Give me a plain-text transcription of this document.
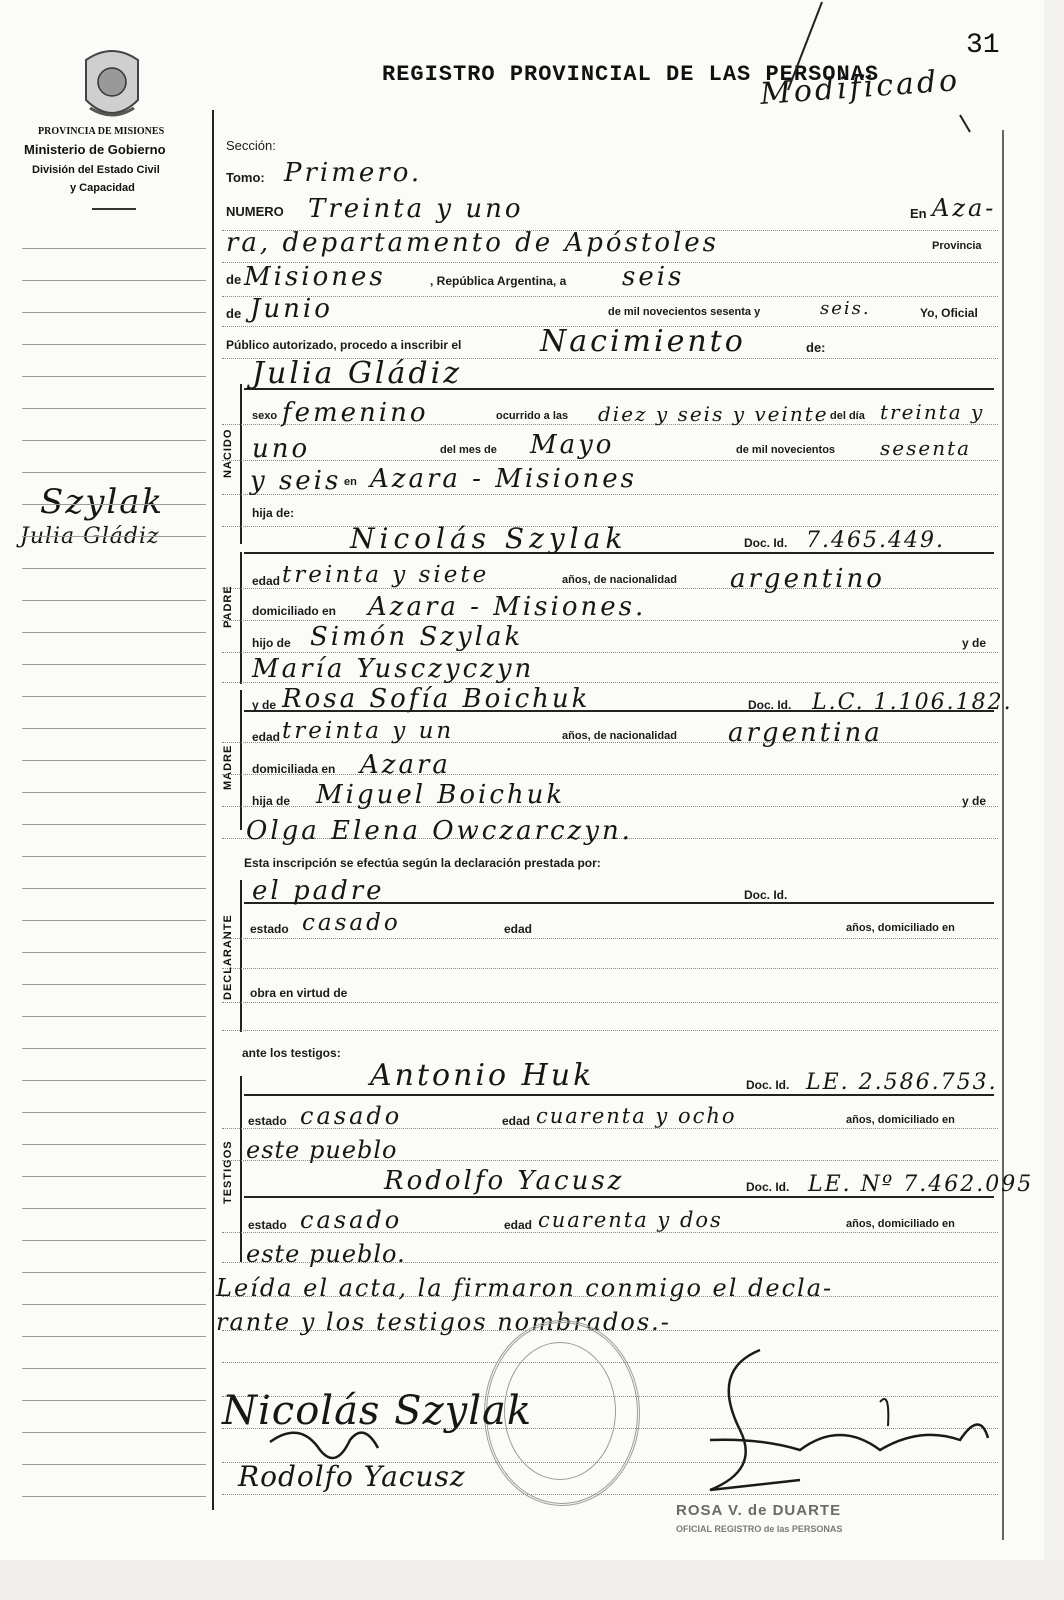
31
REGISTRO PROVINCIAL DE LAS PERSONAS
Modificado
PROVINCIA DE MISIONES
Ministerio de Gobierno
División del Estado Civil
y Capacidad
Szylak
Julia Gládiz
NACIDO
PADRE
MADRE
DECLARANTE
TESTIGOS
Sección:
Tomo: Primero.
NUMERO Treinta y uno	En Aza-
ra, departamento de Apóstoles	Provincia
de Misiones	, República Argentina, a seis
de Junio	de mil novecientos sesenta y	seis.	Yo, Oficial
Público autorizado, procedo a inscribir el	Nacimiento	de:
Julia Gládiz
sexo femenino	ocurrido a las diez y seis y veinte del día treinta y
uno	del mes de Mayo	de mil novecientos sesenta
y seis en Azara - Misiones
hija de:
Nicolás Szylak	Doc. Id. 7.465.449.
edad treinta y siete	años, de nacionalidad argentino
domiciliado en Azara - Misiones.
hijo de Simón Szylak	y de
María Yusczyczyn
y de Rosa Sofía Boichuk	Doc. Id. L.C. 1.106.182.
edad treinta y un	años, de nacionalidad argentina
domiciliada en Azara
hija de Miguel Boichuk	y de
Olga Elena Owczarczyn.
Esta inscripción se efectúa según la declaración prestada por:
el padre	Doc. Id.
estado casado	edad	años, domiciliado en
obra en virtud de
ante los testigos:
Antonio Huk	Doc. Id. LE. 2.586.753.
estado casado	edad cuarenta y ocho	años, domiciliado en
este pueblo
Rodolfo Yacusz	Doc. Id. LE. Nº 7.462.095
estado casado	edad cuarenta y dos	años, domiciliado en
este pueblo.
Leída el acta, la firmaron conmigo el decla-
rante y los testigos nombrados.-
Nicolás Szylak
Rodolfo Yacusz
ROSA V. de DUARTE
OFICIAL REGISTRO de las PERSONAS
